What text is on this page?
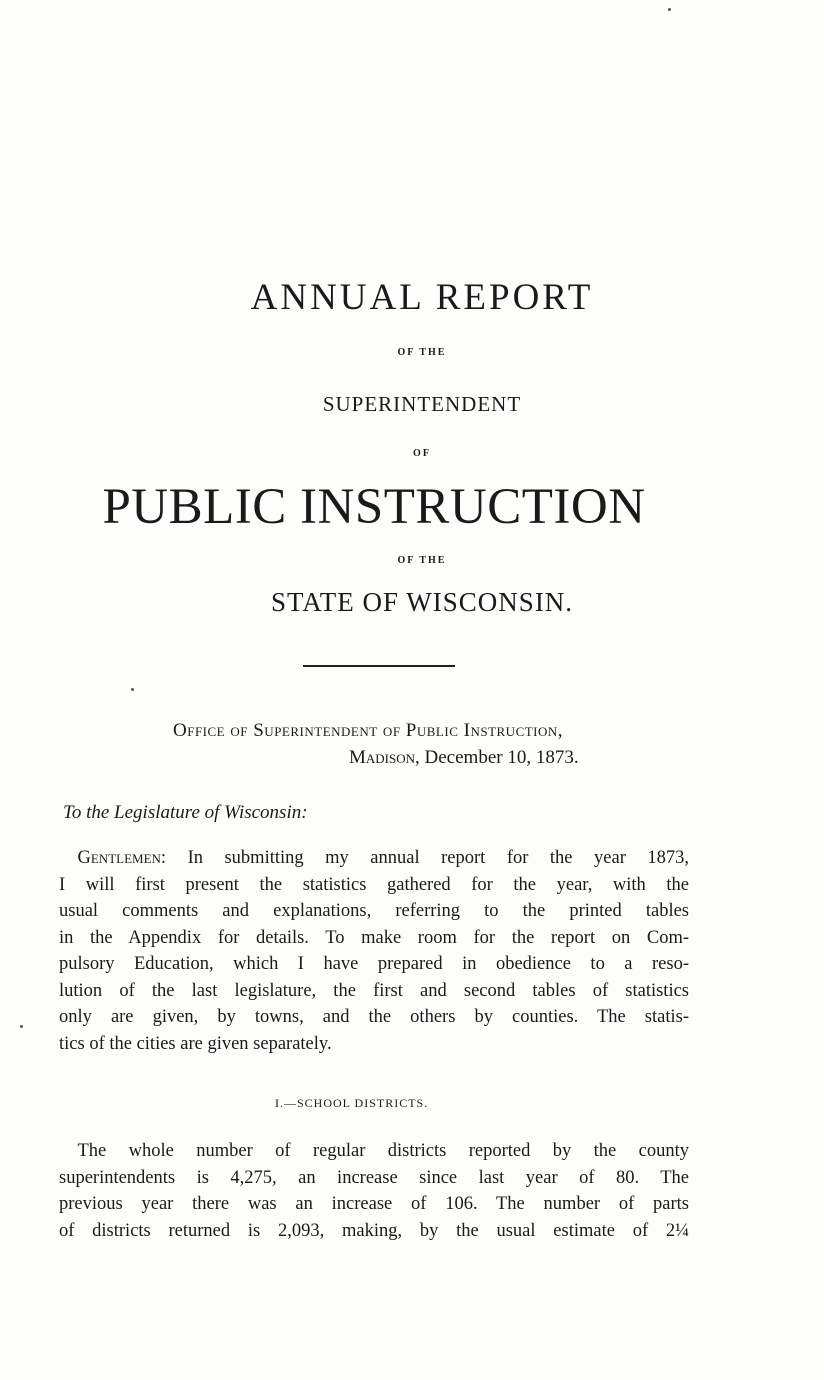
ANNUAL REPORT
OF THE
SUPERINTENDENT
OF
PUBLIC INSTRUCTION
OF THE
STATE OF WISCONSIN.
Office of Superintendent of Public Instruction,
Madison, December 10, 1873.
To the Legislature of Wisconsin:
 Gentlemen: In submitting my annual report for the year 1873,
I will first present the statistics gathered for the year, with the
usual comments and explanations, referring to the printed tables
in the Appendix for details. To make room for the report on Com-
pulsory Education, which I have prepared in obedience to a reso-
lution of the last legislature, the first and second tables of statistics
only are given, by towns, and the others by counties. The statis-
tics of the cities are given separately.
I.—SCHOOL DISTRICTS.
 The whole number of regular districts reported by the county
superintendents is 4,275, an increase since last year of 80. The
previous year there was an increase of 106. The number of parts
of districts returned is 2,093, making, by the usual estimate of 2¼
